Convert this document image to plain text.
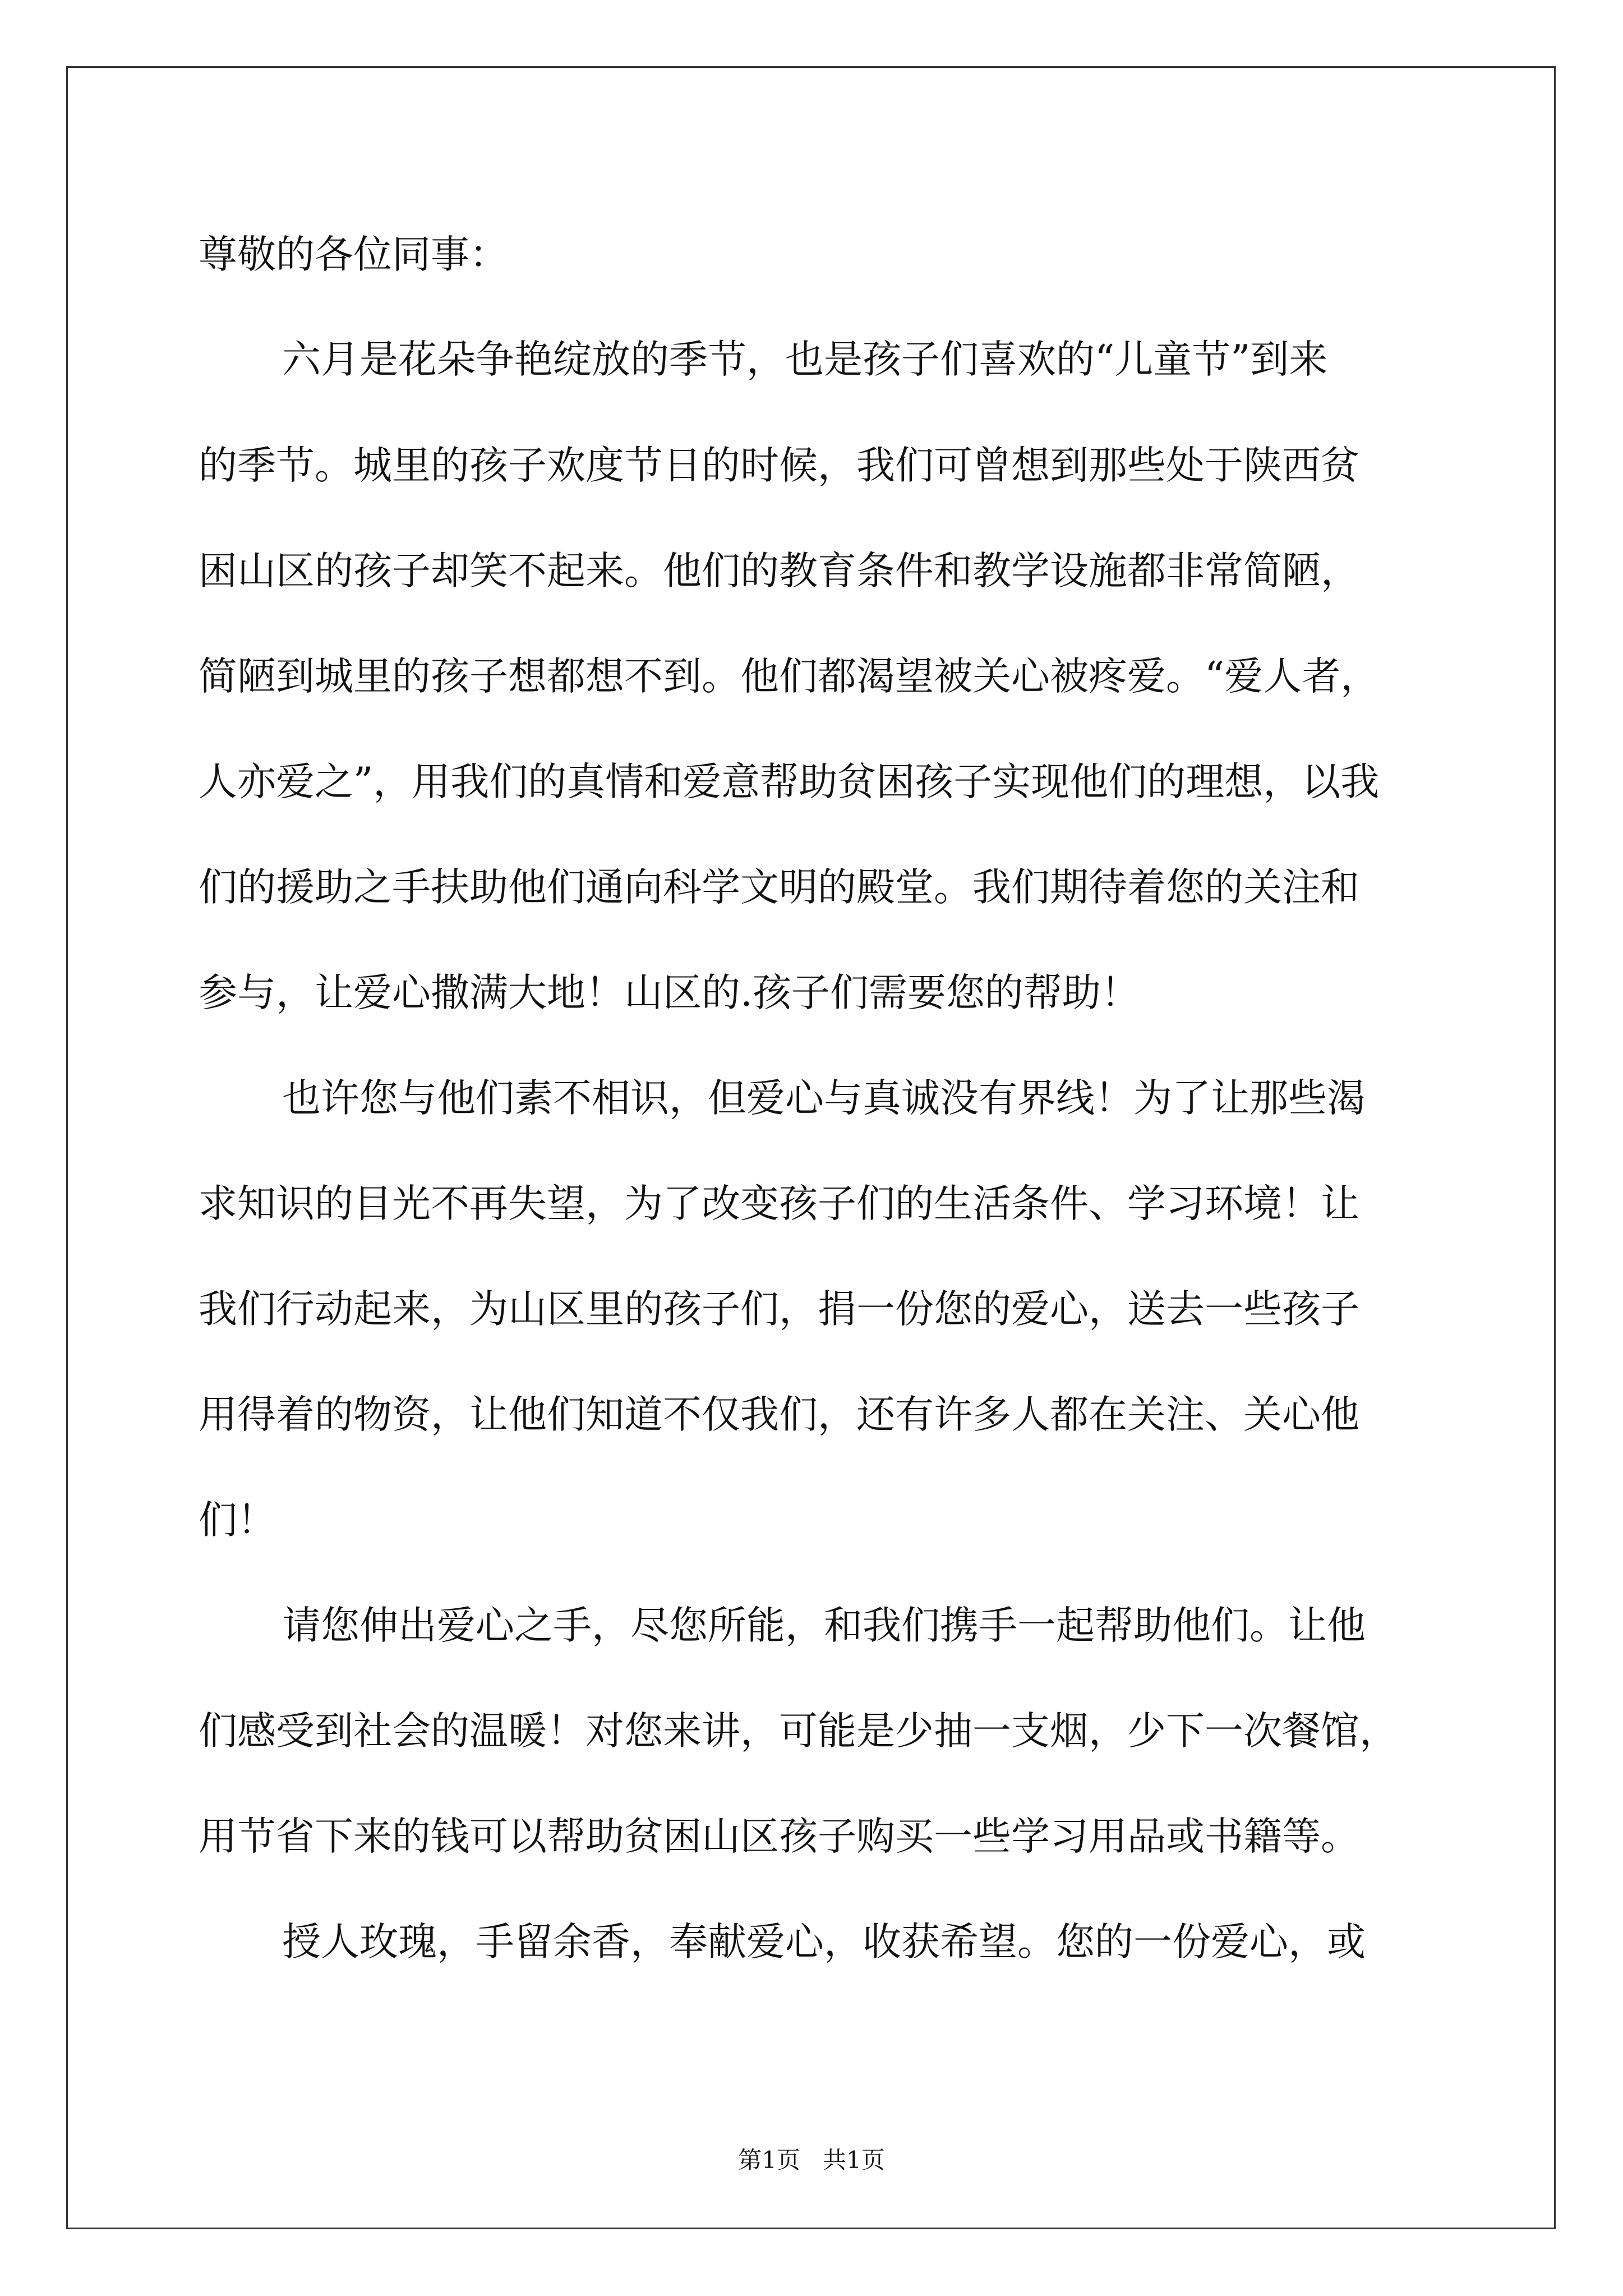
尊敬的各位同事：
六月是花朵争艳绽放的季节，也是孩子们喜欢的“儿童节”到来
的季节。城里的孩子欢度节日的时候，我们可曾想到那些处于陕西贫
困山区的孩子却笑不起来。他们的教育条件和教学设施都非常简陋，
简陋到城里的孩子想都想不到。他们都渴望被关心被疼爱。“爱人者，
人亦爱之”，用我们的真情和爱意帮助贫困孩子实现他们的理想，以我
们的援助之手扶助他们通向科学文明的殿堂。我们期待着您的关注和
参与，让爱心撒满大地！山区的.孩子们需要您的帮助！
也许您与他们素不相识，但爱心与真诚没有界线！为了让那些渴
求知识的目光不再失望，为了改变孩子们的生活条件、学习环境！让
我们行动起来，为山区里的孩子们，捐一份您的爱心，送去一些孩子
用得着的物资，让他们知道不仅我们，还有许多人都在关注、关心他
们！
请您伸出爱心之手，尽您所能，和我们携手一起帮助他们。让他
们感受到社会的温暖！对您来讲，可能是少抽一支烟，少下一次餐馆，
用节省下来的钱可以帮助贫困山区孩子购买一些学习用品或书籍等。
授人玫瑰，手留余香，奉献爱心，收获希望。您的一份爱心，或
第1页   共1页
